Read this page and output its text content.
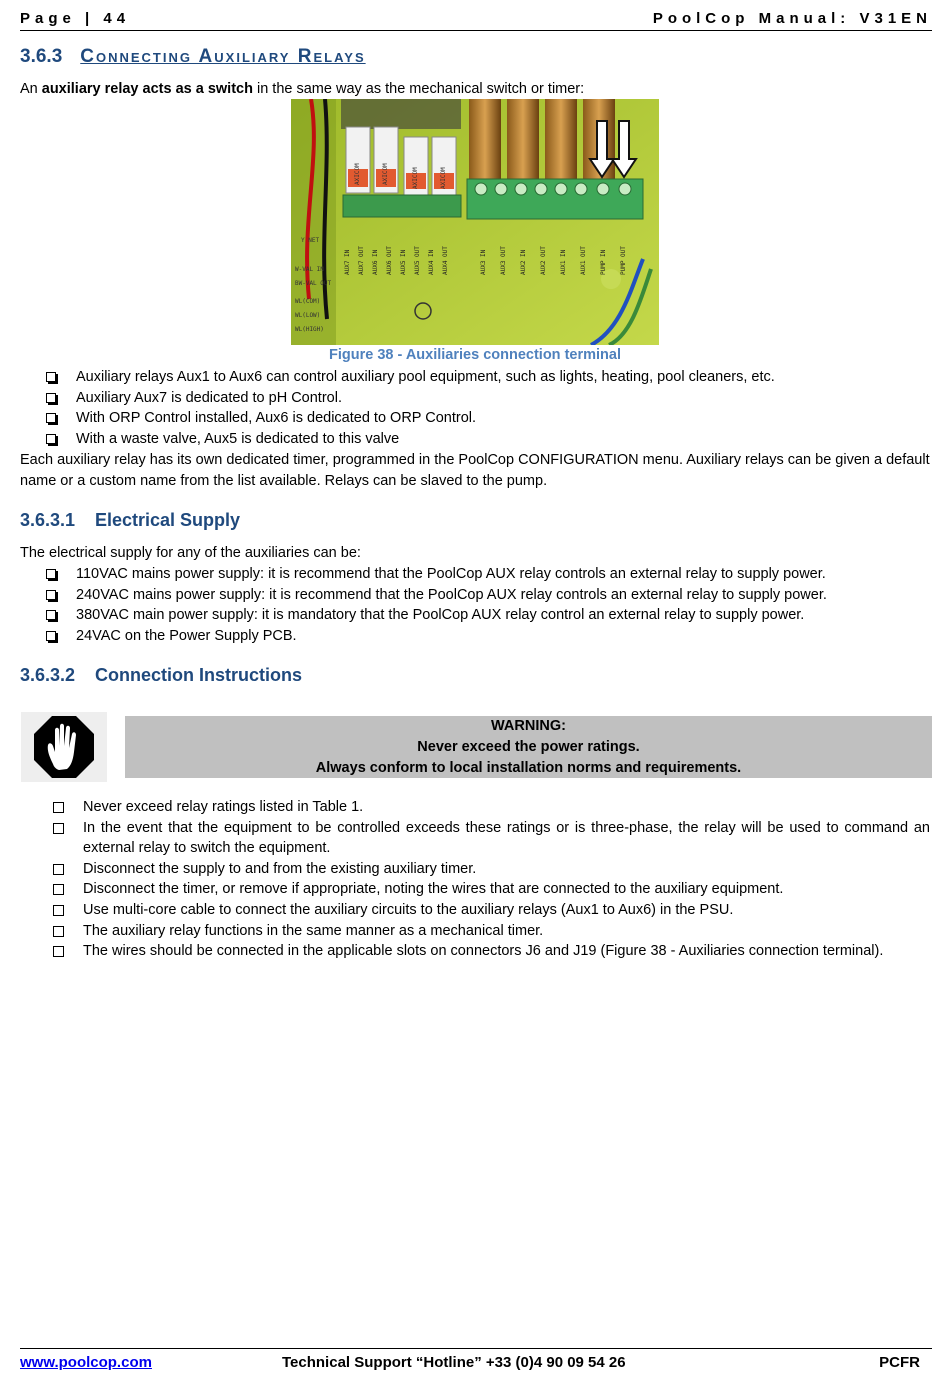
Page | 44	PoolCop Manual: V31EN
3.6.3 Connecting Auxiliary Relays
An auxiliary relay acts as a switch in the same way as the mechanical switch or timer:
W-VAL IN
BW-VAL OUT
WL(COM)
WL(LOW)
WL(HIGH)
Y NET
AXICOM	AXICOM	AXICOM	AXICOM
AUX7 IN AUX7 OUT AUX6 IN AUX6 OUT AUX5 IN AUX5 OUT AUX4 IN AUX4 OUT	AUX3 IN AUX3 OUT AUX2 IN AUX2 OUT AUX1 IN AUX1 OUT PUMP IN PUMP OUT
Figure 38 - Auxiliaries connection terminal
Auxiliary relays Aux1 to Aux6 can control auxiliary pool equipment, such as lights, heating, pool cleaners, etc.
Auxiliary Aux7 is dedicated to pH Control.
With ORP Control installed, Aux6 is dedicated to ORP Control.
With a waste valve, Aux5 is dedicated to this valve
Each auxiliary relay has its own dedicated timer, programmed in the PoolCop CONFIGURATION menu. Auxiliary relays can be given a default name or a custom name from the list available. Relays can be slaved to the pump.
3.6.3.1 Electrical Supply
The electrical supply for any of the auxiliaries can be:
110VAC mains power supply: it is recommend that the PoolCop AUX relay controls an external relay to supply power.
240VAC mains power supply: it is recommend that the PoolCop AUX relay controls an external relay to supply power.
380VAC main power supply: it is mandatory that the PoolCop AUX relay control an external relay to supply power.
24VAC on the Power Supply PCB.
3.6.3.2 Connection Instructions
WARNING:
Never exceed the power ratings.
Always conform to local installation norms and requirements.
Never exceed relay ratings listed in Table 1.
In the event that the equipment to be controlled exceeds these ratings or is three-phase, the relay will be used to command an external relay to switch the equipment.
Disconnect the supply to and from the existing auxiliary timer.
Disconnect the timer, or remove if appropriate, noting the wires that are connected to the auxiliary equipment.
Use multi-core cable to connect the auxiliary circuits to the auxiliary relays (Aux1 to Aux6) in the PSU.
The auxiliary relay functions in the same manner as a mechanical timer.
The wires should be connected in the applicable slots on connectors J6 and J19 (Figure 38 - Auxiliaries connection terminal).
www.poolcop.com	Technical Support “Hotline” +33 (0)4 90 09 54 26	PCFR
